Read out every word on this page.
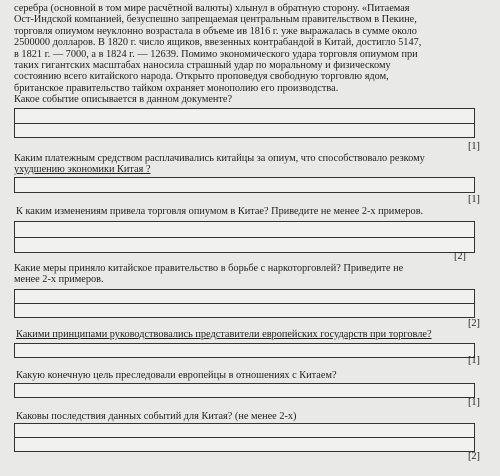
серебра (основной в том мире расчётной валюты) хлынул в обратную сторону. «Питаемая
Ост-Индской компанией, безуспешно запрещаемая центральным правительством в Пекине,
торговля опиумом неуклонно возрастала в объеме ив 1816 г. уже выражалась в сумме около
2500000 долларов. В 1820 г. число ящиков, ввезенных контрабандой в Китай, достигло 5147,
в 1821 г. — 7000, а в 1824 г. — 12639. Помимо экономического удара торговля опиумом при
таких гигантских масштабах наносила страшный удар по моральному и физическому
состоянию всего китайского народа. Открыто проповедуя свободную торговлю ядом,
британское правительство тайком охраняет монополию его производства.
Какое событие описывается в данном документе?
[1]
Каким платежным средством расплачивались китайцы за опиум, что способствовало резкому
ухудшению экономики Китая ?
[1]
К каким изменениям привела торговля опиумом в Китае? Приведите не менее 2-х примеров.
[2]
Какие меры приняло китайское правительство в борьбе с наркоторговлей? Приведите не
менее 2-х примеров.
[2]
Какими принципами руководствовались представители европейских государств при торговле?
[1]
Какую конечную цель преследовали европейцы в отношениях с Китаем?
[1]
Каковы последствия данных событий для Китая? (не менее 2-х)
[2]
